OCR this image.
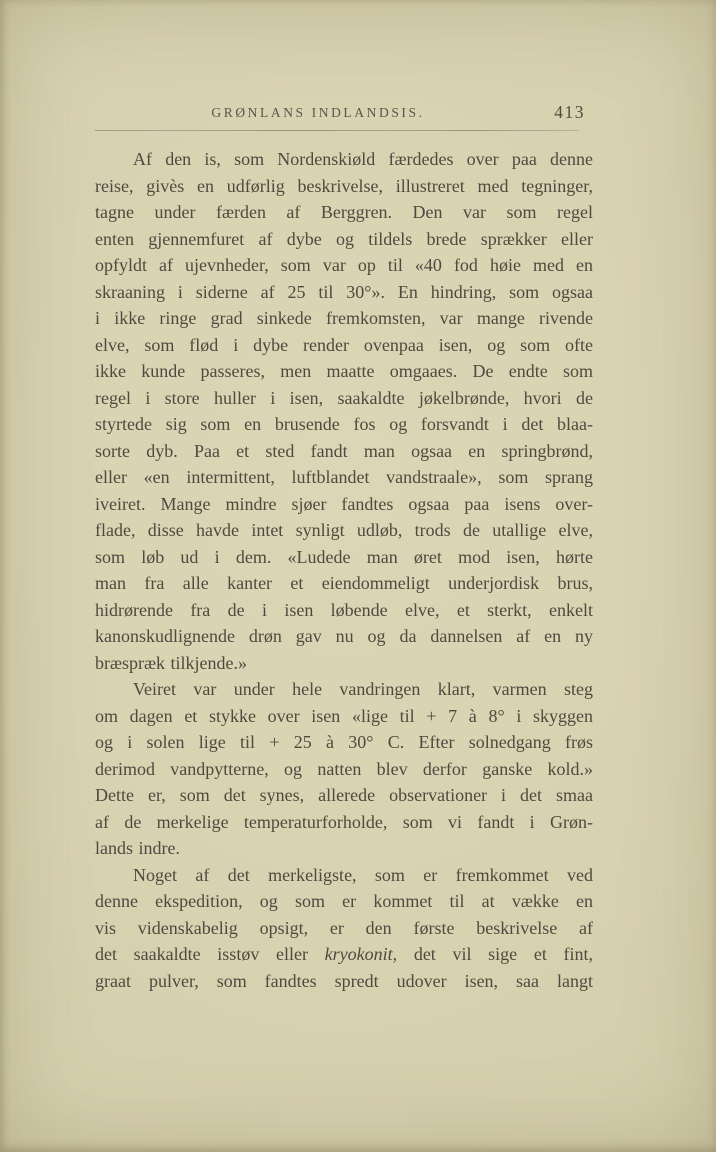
GRØNLANS INDLANDSIS.	413
Af den is, som Nordenskiøld færdedes over paa denne
reise, givès en udførlig beskrivelse, illustreret med tegninger,
tagne under færden af Berggren. Den var som regel
enten gjennemfuret af dybe og tildels brede sprækker eller
opfyldt af ujevnheder, som var op til «40 fod høie med en
skraaning i siderne af 25 til 30°». En hindring, som ogsaa
i ikke ringe grad sinkede fremkomsten, var mange rivende
elve, som flød i dybe render ovenpaa isen, og som ofte
ikke kunde passeres, men maatte omgaaes. De endte som
regel i store huller i isen, saakaldte jøkelbrønde, hvori de
styrtede sig som en brusende fos og forsvandt i det blaa-
sorte dyb. Paa et sted fandt man ogsaa en springbrønd,
eller «en intermittent, luftblandet vandstraale», som sprang
iveiret. Mange mindre sjøer fandtes ogsaa paa isens over-
flade, disse havde intet synligt udløb, trods de utallige elve,
som løb ud i dem. «Ludede man øret mod isen, hørte
man fra alle kanter et eiendommeligt underjordisk brus,
hidrørende fra de i isen løbende elve, et sterkt, enkelt
kanonskudlignende drøn gav nu og da dannelsen af en ny
bræspræk tilkjende.»
Veiret var under hele vandringen klart, varmen steg
om dagen et stykke over isen «lige til + 7 à 8° i skyggen
og i solen lige til + 25 à 30° C. Efter solnedgang frøs
derimod vandpytterne, og natten blev derfor ganske kold.»
Dette er, som det synes, allerede observationer i det smaa
af de merkelige temperaturforholde, som vi fandt i Grøn-
lands indre.
Noget af det merkeligste, som er fremkommet ved
denne ekspedition, og som er kommet til at vække en
vis videnskabelig opsigt, er den første beskrivelse af
det saakaldte isstøv eller kryokonit, det vil sige et fint,
graat pulver, som fandtes spredt udover isen, saa langt
